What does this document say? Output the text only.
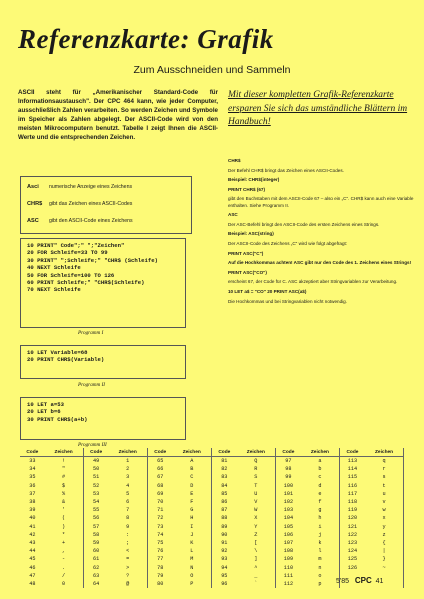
Referenzkarte: Grafik
Zum Ausschneiden und Sammeln
ASCII steht für „Amerikanischer Standard-Code für Informationsaustausch". Der CPC 464 kann, wie jeder Computer, ausschließlich Zahlen verarbeiten. So werden Zeichen und Symbole im Speicher als Zahlen abgelegt. Der ASCII-Code wird von den meisten Mikrocomputern benutzt. Tabelle I zeigt Ihnen die ASCII-Werte und die entsprechenden Zeichen.
Mit dieser kompletten Grafik-Referenzkarte ersparen Sie sich das umständliche Blättern im Handbuch!
Asci	numerische Anzeige eines Zeichens
CHR$	gibt das Zeichen eines ASCII-Codes
ASC	gibt den ASCII-Code eines Zeichens
10 PRINT" Code";" ";"Zeichen"
20 FOR Schleife=33 TO 99
30 PRINT" ";Schleife;" "CHR$ (Schleife)
40 NEXT Schleife
50 FOR Schleife=100 TO 126
60 PRINT Schleife;" "CHR$(Schleife)
70 NEXT Schleife
Programm I
10 LET Variable=68
20 PRINT CHR$(Variable)
Programm II
10 LET a=53
20 LET b=6
30 PRINT CHR$(a+b)
Programm III
CHR$
Der Befehl CHR$ bringt das Zeichen eines ASCII-Codes.
Beispiel: CHR$(integer)
PRINT CHR$ (67)
gibt den Buchstaben mit dem ASCII-Code 67 – also ein „C". CHR$ kann auch eine Variable enthalten. Siehe Programm II.
ASC
Der ASC-Befehl bringt den ASCII-Code des ersten Zeichens eines Strings.
Beispiel: ASC(string)
Der ASCII-Code des Zeichens „C" wird wie folgt abgefragt:
PRINT ASC("C")
Auf die Hochkommas achten! ASC gibt nur den Code des 1. Zeichens eines Strings!
PRINT ASC("CO")
erscheint 67, der Code für C. ASC akzeptiert aber Stringvariablen zur Verarbeitung.
10 LET a$ = "CO" 20 PRINT ASC(a$)
Die Hochkommas und bei Stringvariablen nicht notwendig.
Code	Zeichen	Code	Zeichen	Code	Zeichen	Code	Zeichen	Code	Zeichen	Code	Zeichen
33	!	49	1	65	A	81	Q	97	a	113	q
34	"	50	2	66	B	82	R	98	b	114	r
35	#	51	3	67	C	83	S	99	c	115	s
36	$	52	4	68	D	84	T	100	d	116	t
37	%	53	5	69	E	85	U	101	e	117	u
38	&	54	6	70	F	86	V	102	f	118	v
39	'	55	7	71	G	87	W	103	g	119	w
40	(	56	8	72	H	88	X	104	h	120	x
41	)	57	9	73	I	89	Y	105	i	121	y
42	*	58	:	74	J	90	Z	106	j	122	z
43	+	59	;	75	K	91	[	107	k	123	{
44	,	60	<	76	L	92	\	108	l	124	|
45	-	61	=	77	M	93	]	109	m	125	}
46	.	62	>	78	N	94	^	110	n	126	~
47	/	63	?	79	O	95	_	111	o		
48	0	64	@	80	P	96	`	112	p		5'85 CPC 41
